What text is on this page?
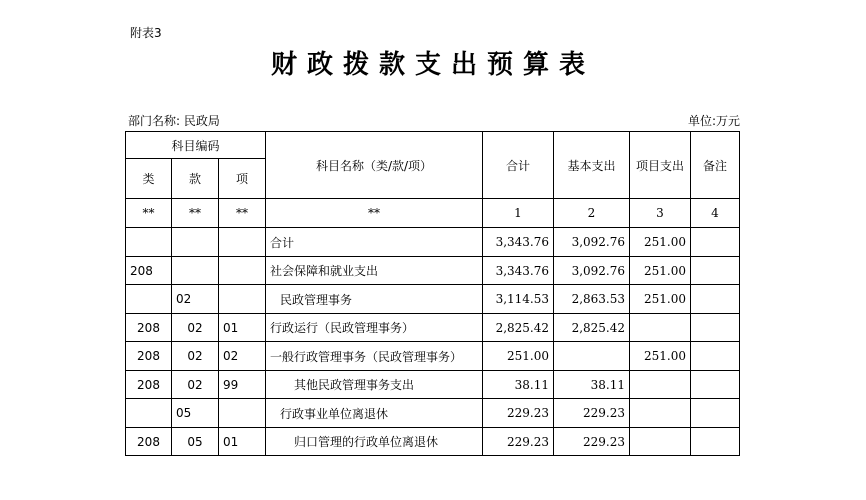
附表3
财政拨款支出预算表
部门名称: 民政局	单位:万元
科目编码			科目名称（类/款/项）	合计	基本支出	项目支出	备注
类	款	项					
**	**	**	**	1	2	3	4
			合计	3,343.76	3,092.76	251.00	
208			社会保障和就业支出	3,343.76	3,092.76	251.00	
	02		民政管理事务	3,114.53	2,863.53	251.00	
208	02	01	行政运行（民政管理事务）	2,825.42	2,825.42		
208	02	02	一般行政管理事务（民政管理事务）	251.00		251.00	
208	02	99	其他民政管理事务支出	38.11	38.11		
	05		行政事业单位离退休	229.23	229.23		
208	05	01	归口管理的行政单位离退休	229.23	229.23		
